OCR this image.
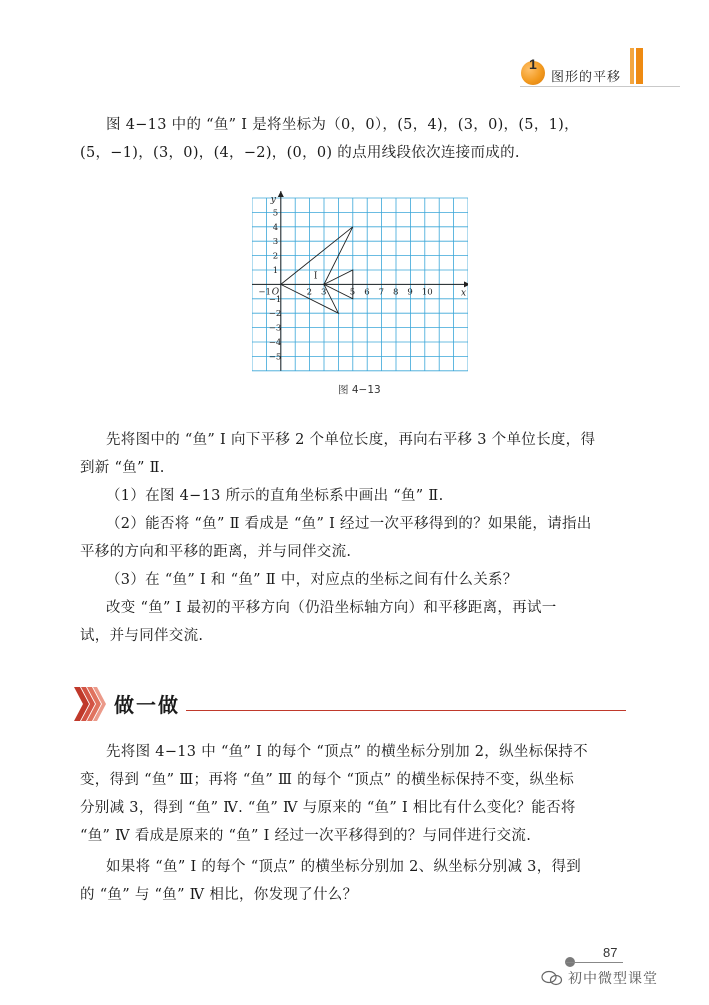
1
图形的平移
图 4−13 中的 “鱼” Ⅰ 是将坐标为（0，0），(5，4)，(3，0)，(5，1)，
(5，−1)，(3，0)，(4，−2)，(0，0) 的点用线段依次连接而成的.
−1	2 3	5 6 7 8 9 10
5
4
3
2
1
−1
−2
−3
−4
−5
Ⅰ
O	x
y
图 4−13
先将图中的 “鱼” Ⅰ 向下平移 2 个单位长度，再向右平移 3 个单位长度，得
到新 “鱼” Ⅱ.
（1）在图 4−13 所示的直角坐标系中画出 “鱼” Ⅱ.
（2）能否将 “鱼” Ⅱ 看成是 “鱼” Ⅰ 经过一次平移得到的？如果能，请指出
平移的方向和平移的距离，并与同伴交流.
（3）在 “鱼” Ⅰ 和 “鱼” Ⅱ 中，对应点的坐标之间有什么关系？
改变 “鱼” Ⅰ 最初的平移方向（仍沿坐标轴方向）和平移距离，再试一
试，并与同伴交流.
做一做
先将图 4−13 中 “鱼” Ⅰ 的每个 “顶点” 的横坐标分别加 2，纵坐标保持不
变，得到 “鱼” Ⅲ；再将 “鱼” Ⅲ 的每个 “顶点” 的横坐标保持不变，纵坐标
分别减 3，得到 “鱼” Ⅳ. “鱼” Ⅳ 与原来的 “鱼” Ⅰ 相比有什么变化？能否将
“鱼” Ⅳ 看成是原来的 “鱼” Ⅰ 经过一次平移得到的？与同伴进行交流.
如果将 “鱼” Ⅰ 的每个 “顶点” 的横坐标分别加 2、纵坐标分别减 3，得到
的 “鱼” 与 “鱼” Ⅳ 相比，你发现了什么？
87
初中微型课堂
